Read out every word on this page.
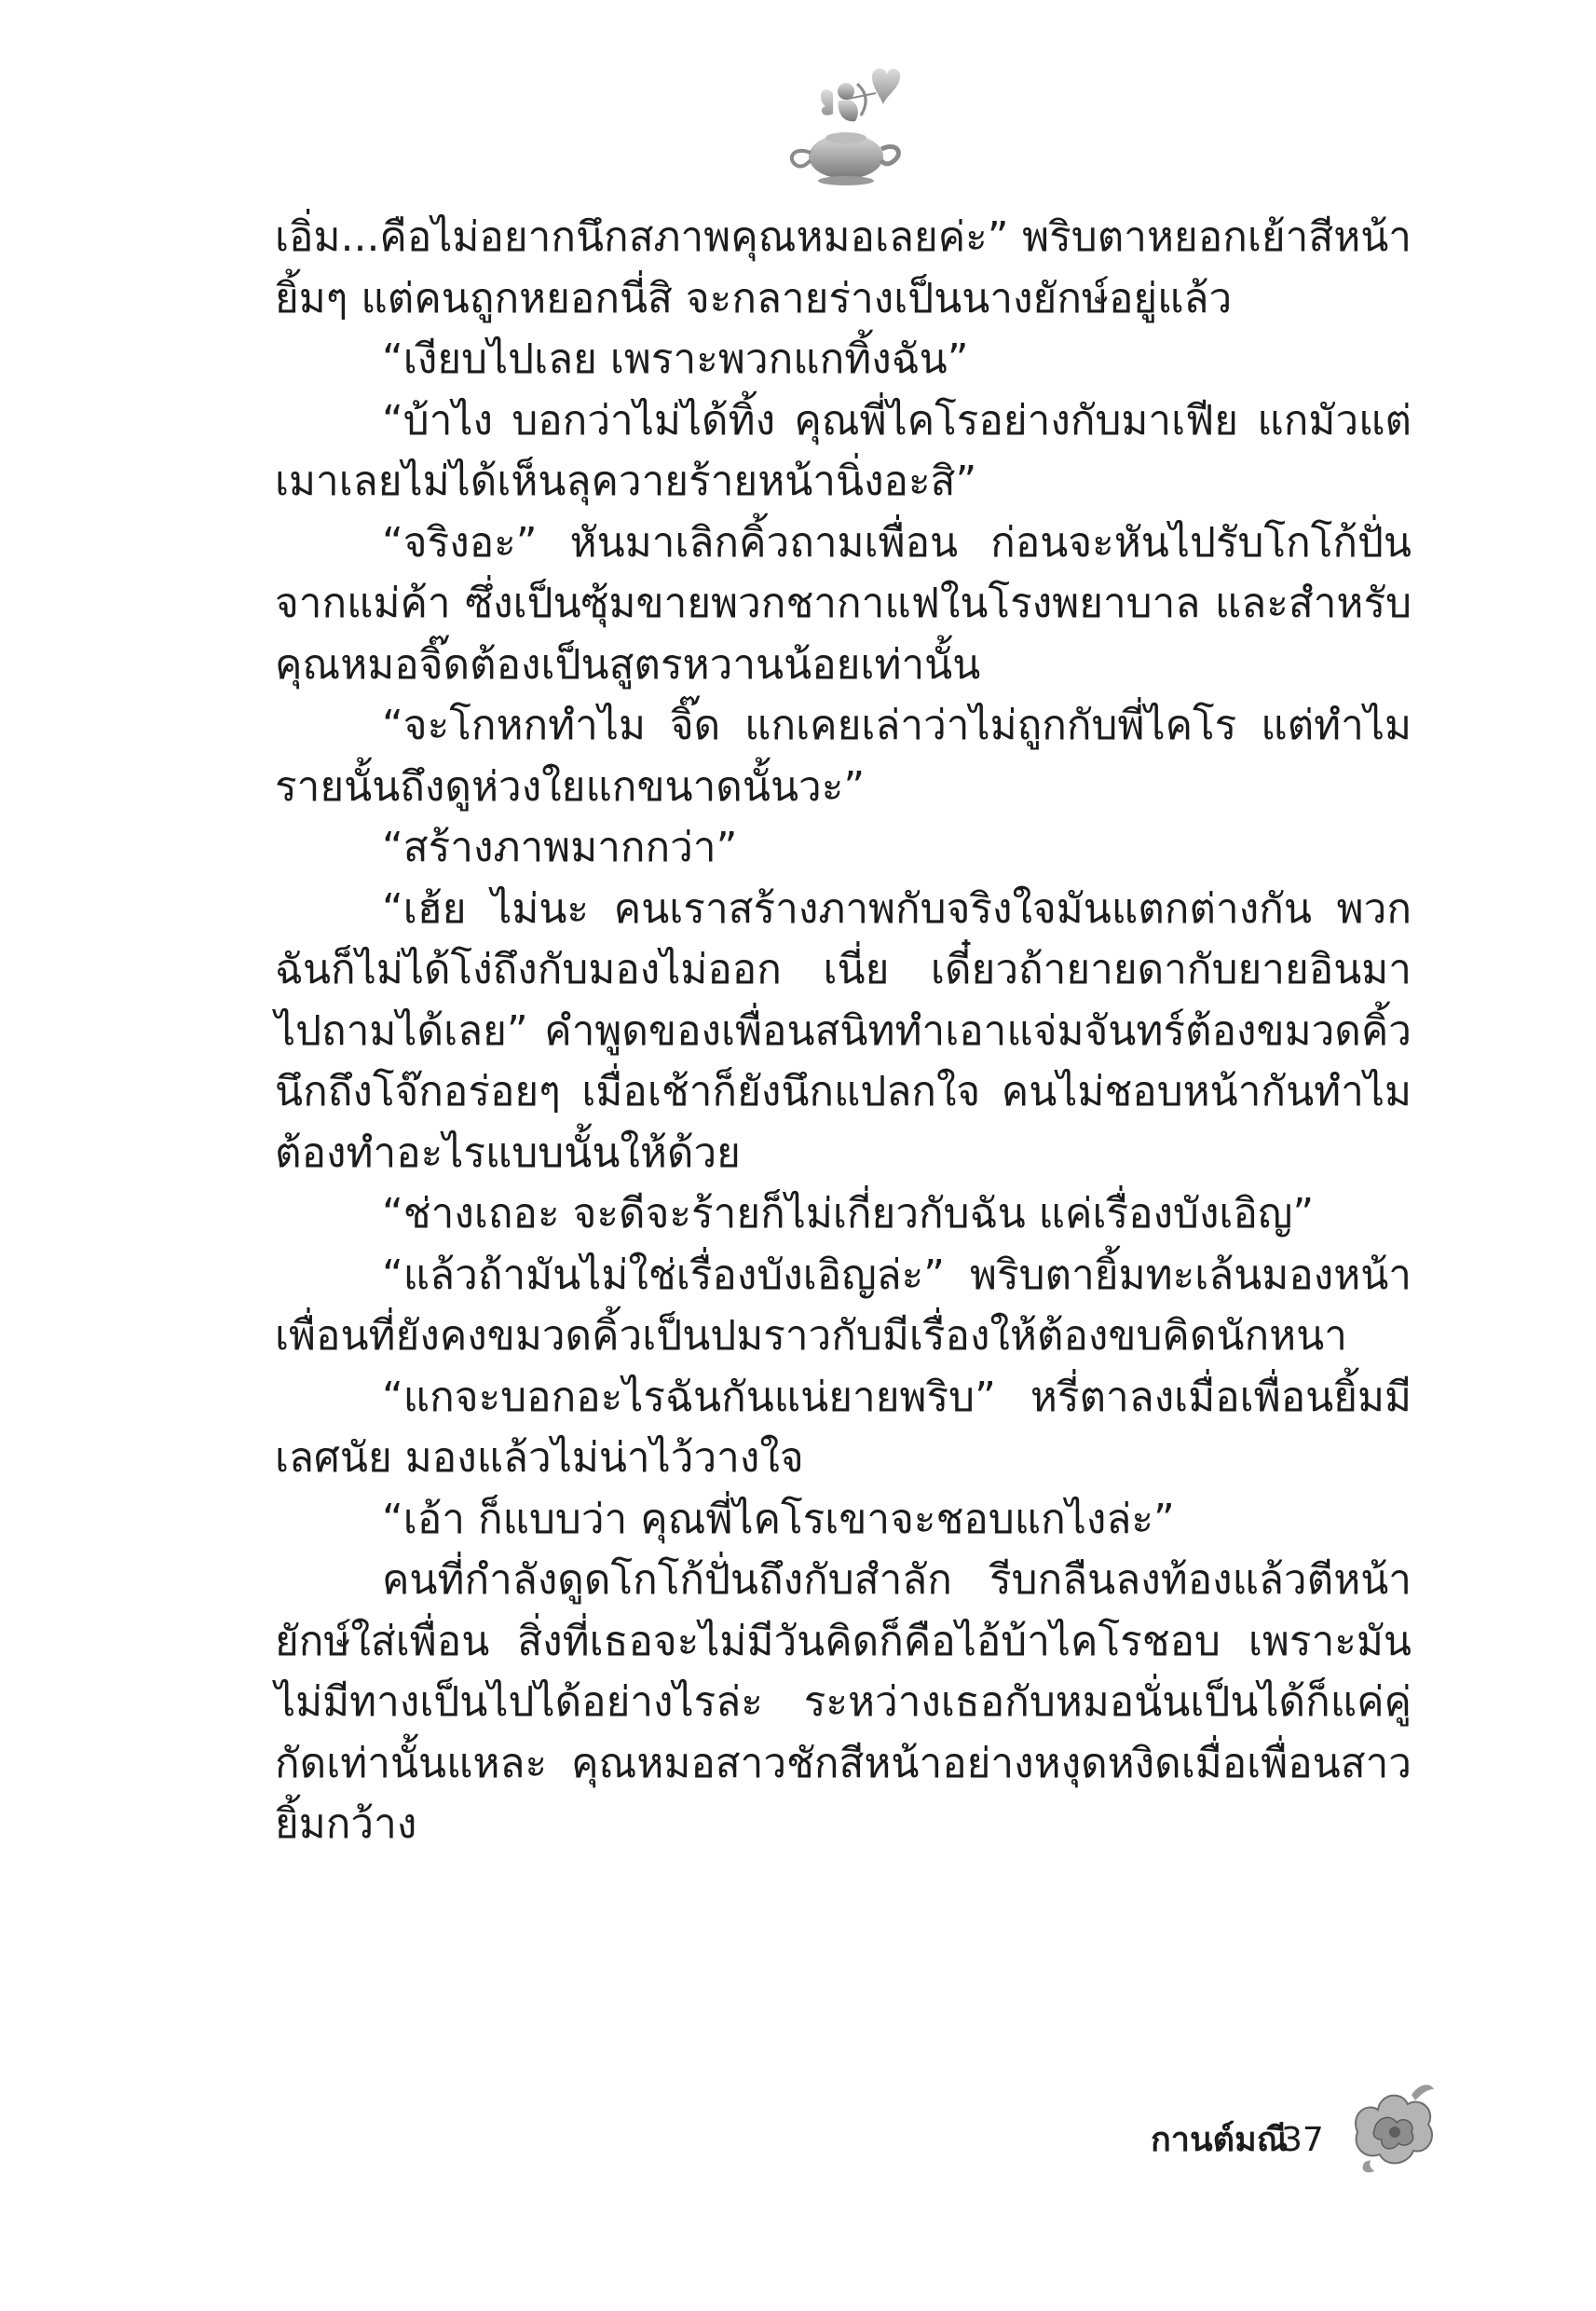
เอิ่ม...คือไม่อยากนึกสภาพคุณหมอเลยค่ะ” พริบตาหยอกเย้าสีหน้ายิ้มๆ แต่คนถูกหยอกนี่สิ จะกลายร่างเป็นนางยักษ์อยู่แล้ว

“เงียบไปเลย เพราะพวกแกทิ้งฉัน”

“บ้าไง บอกว่าไม่ได้ทิ้ง คุณพี่ไคโรอย่างกับมาเฟีย แกมัวแต่เมาเลยไม่ได้เห็นลุควายร้ายหน้านิ่งอะสิ”

“จริงอะ” หันมาเลิกคิ้วถามเพื่อน ก่อนจะหันไปรับโกโก้ปั่นจากแม่ค้า ซึ่งเป็นซุ้มขายพวกชากาแฟในโรงพยาบาล และสำหรับคุณหมอจิ๊ดต้องเป็นสูตรหวานน้อยเท่านั้น

“จะโกหกทำไม จิ๊ด แกเคยเล่าว่าไม่ถูกกับพี่ไคโร แต่ทำไมรายนั้นถึงดูห่วงใยแกขนาดนั้นวะ”

“สร้างภาพมากกว่า”

“เฮ้ย ไม่นะ คนเราสร้างภาพกับจริงใจมันแตกต่างกัน พวกฉันก็ไม่ได้โง่ถึงกับมองไม่ออก เนี่ย เดี๋ยวถ้ายายดากับยายอินมา ไปถามได้เลย” คำพูดของเพื่อนสนิททำเอาแจ่มจันทร์ต้องขมวดคิ้ว นึกถึงโจ๊กอร่อยๆ เมื่อเช้าก็ยังนึกแปลกใจ คนไม่ชอบหน้ากันทำไมต้องทำอะไรแบบนั้นให้ด้วย

“ช่างเถอะ จะดีจะร้ายก็ไม่เกี่ยวกับฉัน แค่เรื่องบังเอิญ”

“แล้วถ้ามันไม่ใช่เรื่องบังเอิญล่ะ” พริบตายิ้มทะเล้นมองหน้าเพื่อนที่ยังคงขมวดคิ้วเป็นปมราวกับมีเรื่องให้ต้องขบคิดนักหนา

“แกจะบอกอะไรฉันกันแน่ยายพริบ” หรี่ตาลงเมื่อเพื่อนยิ้มมีเลศนัย มองแล้วไม่น่าไว้วางใจ

“เอ้า ก็แบบว่า คุณพี่ไคโรเขาจะชอบแกไงล่ะ”

คนที่กำลังดูดโกโก้ปั่นถึงกับสำลัก รีบกลืนลงท้องแล้วตีหน้ายักษ์ใส่เพื่อน สิ่งที่เธอจะไม่มีวันคิดก็คือไอ้บ้าไคโรชอบ เพราะมันไม่มีทางเป็นไปได้อย่างไรล่ะ ระหว่างเธอกับหมอนั่นเป็นได้ก็แค่คู่กัดเท่านั้นแหละ คุณหมอสาวชักสีหน้าอย่างหงุดหงิดเมื่อเพื่อนสาวยิ้มกว้าง

กานต์มณี
37
